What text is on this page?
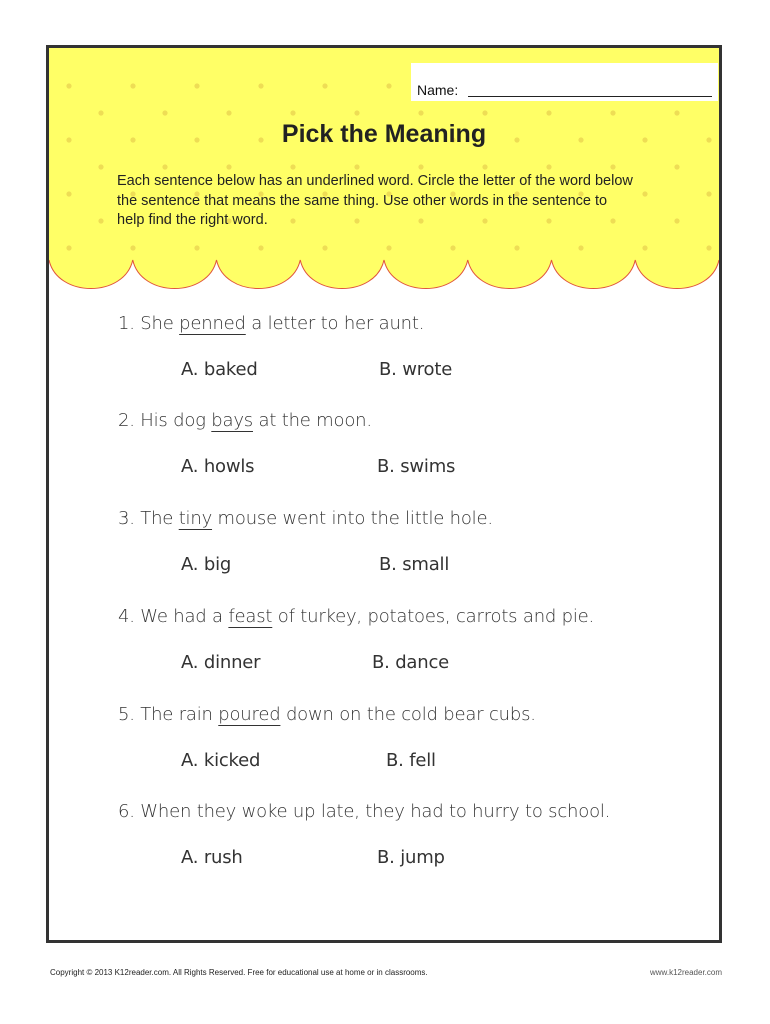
Name:
Pick the Meaning
Each sentence below has an underlined word. Circle the letter of the word below the sentence that means the same thing. Use other words in the sentence to help find the right word.
1. She penned a letter to her aunt.
A. baked	B. wrote
2. His dog bays at the moon.
A. howls	B. swims
3. The tiny mouse went into the little hole.
A. big	B. small
4. We had a feast of turkey, potatoes, carrots and pie.
A. dinner	B. dance
5. The rain poured down on the cold bear cubs.
A. kicked	B. fell
6. When they woke up late, they had to hurry to school.
A. rush	B. jump
Copyright © 2013 K12reader.com. All Rights Reserved. Free for educational use at home or in classrooms.	www.k12reader.com
